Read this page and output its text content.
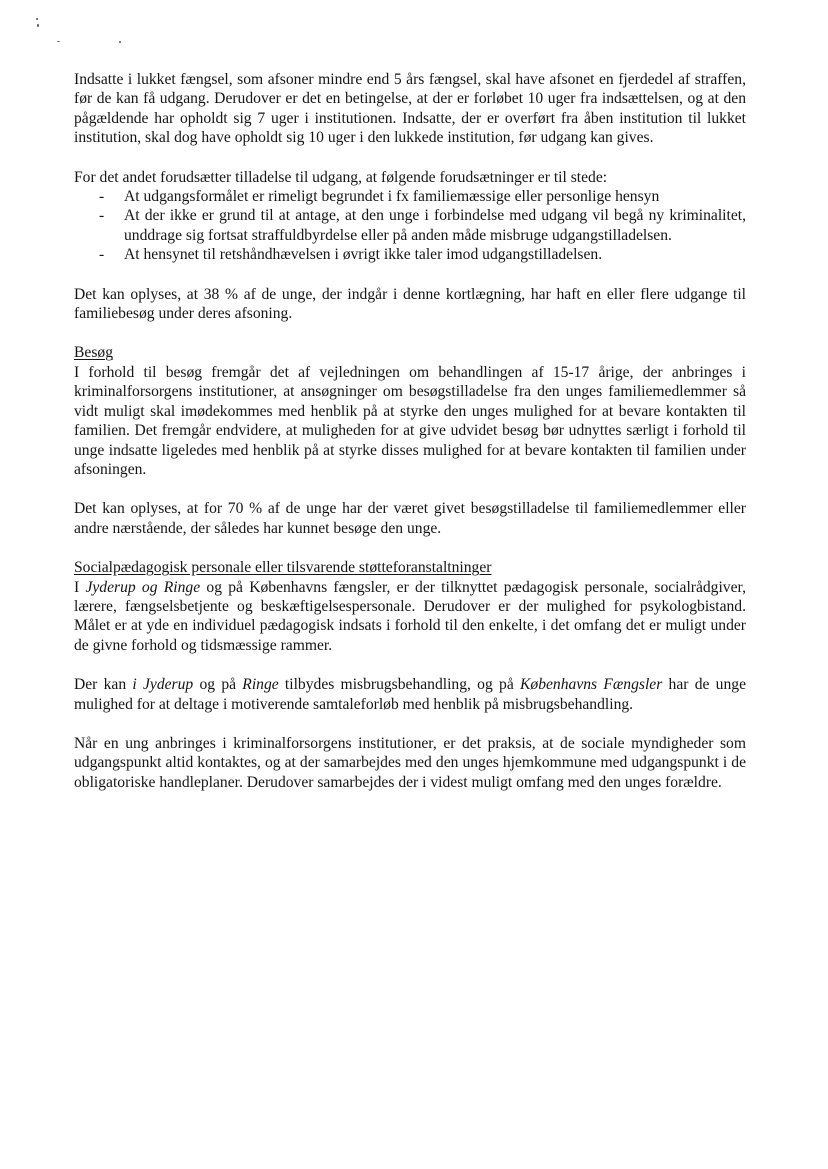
Indsatte i lukket fængsel, som afsoner mindre end 5 års fængsel, skal have afsonet en fjerdedel af straffen, før de kan få udgang. Derudover er det en betingelse, at der er forløbet 10 uger fra indsættelsen, og at den pågældende har opholdt sig 7 uger i institutionen. Indsatte, der er overført fra åben institution til lukket institution, skal dog have opholdt sig 10 uger i den lukkede institution, før udgang kan gives.

For det andet forudsætter tilladelse til udgang, at følgende forudsætninger er til stede:

- At udgangsformålet er rimeligt begrundet i fx familiemæssige eller personlige hensyn
- At der ikke er grund til at antage, at den unge i forbindelse med udgang vil begå ny kriminalitet, unddrage sig fortsat straffuldbyrdelse eller på anden måde misbruge udgangstilladelsen.
- At hensynet til retshåndhævelsen i øvrigt ikke taler imod udgangstilladelsen.

Det kan oplyses, at 38 % af de unge, der indgår i denne kortlægning, har haft en eller flere udgange til familiebesøg under deres afsoning.

Besøg

I forhold til besøg fremgår det af vejledningen om behandlingen af 15-17 årige, der anbringes i kriminalforsorgens institutioner, at ansøgninger om besøgstilladelse fra den unges familiemedlemmer så vidt muligt skal imødekommes med henblik på at styrke den unges mulighed for at bevare kontakten til familien. Det fremgår endvidere, at muligheden for at give udvidet besøg bør udnyttes særligt i forhold til unge indsatte ligeledes med henblik på at styrke disses mulighed for at bevare kontakten til familien under afsoningen.

Det kan oplyses, at for 70 % af de unge har der været givet besøgstilladelse til familiemedlemmer eller andre nærstående, der således har kunnet besøge den unge.

Socialpædagogisk personale eller tilsvarende støtteforanstaltninger

I Jyderup og Ringe og på Københavns fængsler, er der tilknyttet pædagogisk personale, socialrådgiver, lærere, fængselsbetjente og beskæftigelsespersonale. Derudover er der mulighed for psykologbistand. Målet er at yde en individuel pædagogisk indsats i forhold til den enkelte, i det omfang det er muligt under de givne forhold og tidsmæssige rammer.

Der kan i Jyderup og på Ringe tilbydes misbrugsbehandling, og på Københavns Fængsler har de unge mulighed for at deltage i motiverende samtaleforløb med henblik på misbrugsbehandling.

Når en ung anbringes i kriminalforsorgens institutioner, er det praksis, at de sociale myndigheder som udgangspunkt altid kontaktes, og at der samarbejdes med den unges hjemkommune med udgangspunkt i de obligatoriske handleplaner. Derudover samarbejdes der i videst muligt omfang med den unges forældre.
